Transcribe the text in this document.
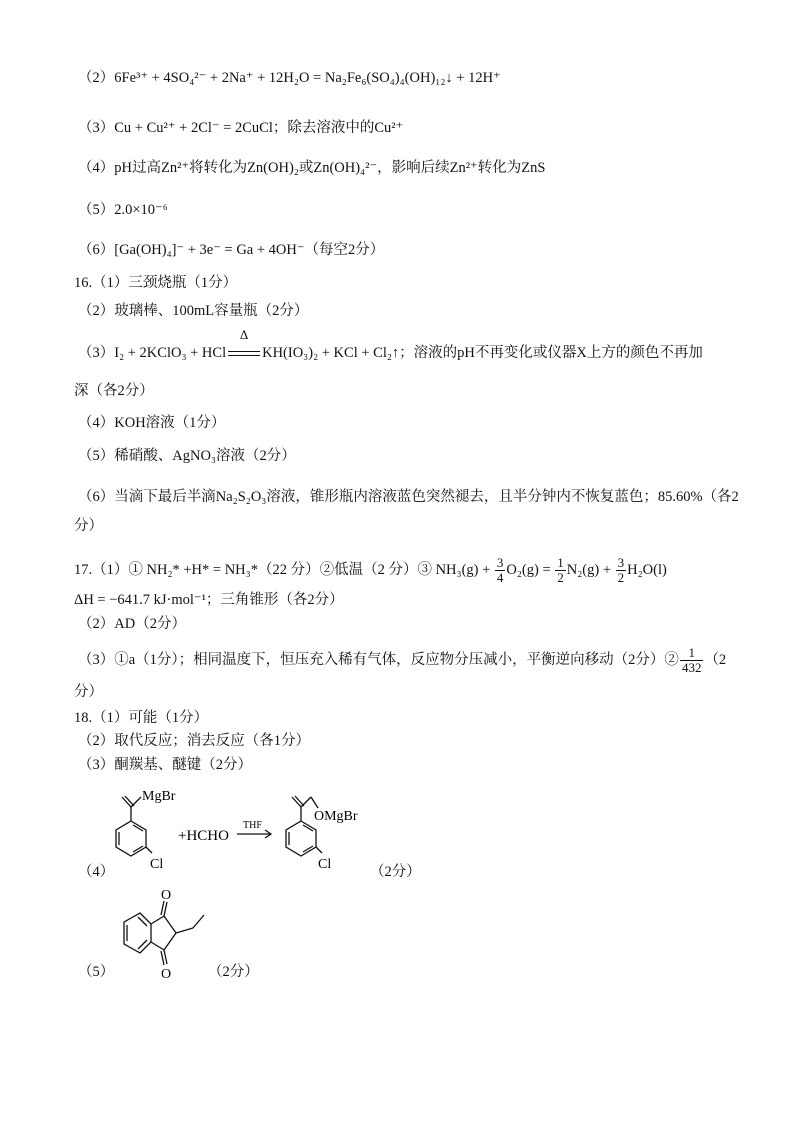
（2）6Fe³⁺ + 4SO₄²⁻ + 2Na⁺ + 12H₂O = Na₂Fe₆(SO₄)₄(OH)₁₂↓ + 12H⁺
（3）Cu + Cu²⁺ + 2Cl⁻ = 2CuCl；除去溶液中的Cu²⁺
（4）pH过高Zn²⁺将转化为Zn(OH)₂或Zn(OH)₄²⁻，影响后续Zn²⁺转化为ZnS
（5）2.0×10⁻⁶
（6）[Ga(OH)₄]⁻ + 3e⁻ = Ga + 4OH⁻（每空2分）
16.（1）三颈烧瓶（1分）
（2）玻璃棒、100mL容量瓶（2分）
（3）I₂ + 2KClO₃ + HCl
Δ
KH(IO₃)₂ + KCl + Cl₂↑；溶液的pH不再变化或仪器X上方的颜色不再加
深（各2分）
（4）KOH溶液（1分）
（5）稀硝酸、AgNO₃溶液（2分）
（6）当滴下最后半滴Na₂S₂O₃溶液，锥形瓶内溶液蓝色突然褪去，且半分钟内不恢复蓝色；85.60%（各2
分）
17.（1）① NH₂* +H* = NH₃*（22 分）②低温（2 分）③ $NH_3(g) + \frac{3}{4} O_2(g) = \frac{1}{2} N_2(g) + \frac{3}{2} H_2O(l)$
ΔH = −641.7 kJ·mol⁻¹；三角锥形（各2分）
（2）AD（2分）
（3）①a（1分）；相同温度下，恒压充入稀有气体，反应物分压减小，平衡逆向移动（2分）② $\frac{1}{432} (2$
分）
18.（1）可能（1分）
（2）取代反应；消去反应（各1分）
（3）酮羰基、醚键（2分）
（4）	（2分）
（5）	（2分）
MgBr
Cl
+HCHO
THF
OMgBr
Cl
O
O
